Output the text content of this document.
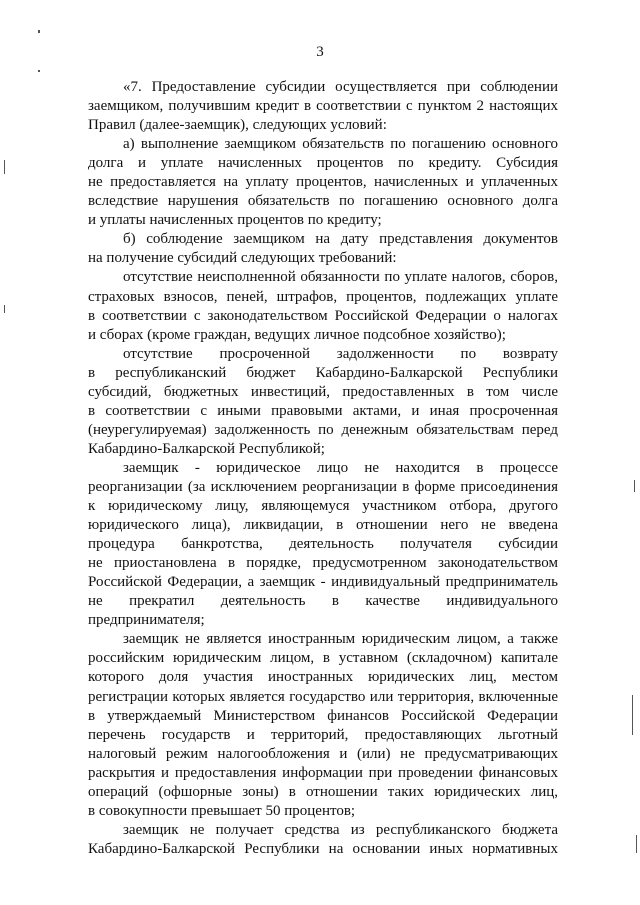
3
«7. Предоставление субсидии осуществляется при соблюдении
заемщиком, получившим кредит в соответствии с пунктом 2 настоящих
Правил (далее-заемщик), следующих условий:
а) выполнение заемщиком обязательств по погашению основного
долга и уплате начисленных процентов по кредиту. Субсидия
не предоставляется на уплату процентов, начисленных и уплаченных
вследствие нарушения обязательств по погашению основного долга
и уплаты начисленных процентов по кредиту;
б) соблюдение заемщиком на дату представления документов
на получение субсидий следующих требований:
отсутствие неисполненной обязанности по уплате налогов, сборов,
страховых взносов, пеней, штрафов, процентов, подлежащих уплате
в соответствии с законодательством Российской Федерации о налогах
и сборах (кроме граждан, ведущих личное подсобное хозяйство);
отсутствие просроченной задолженности по возврату
в республиканский бюджет Кабардино-Балкарской Республики
субсидий, бюджетных инвестиций, предоставленных в том числе
в соответствии с иными правовыми актами, и иная просроченная
(неурегулируемая) задолженность по денежным обязательствам перед
Кабардино-Балкарской Республикой;
заемщик - юридическое лицо не находится в процессе
реорганизации (за исключением реорганизации в форме присоединения
к юридическому лицу, являющемуся участником отбора, другого
юридического лица), ликвидации, в отношении него не введена
процедура банкротства, деятельность получателя субсидии
не приостановлена в порядке, предусмотренном законодательством
Российской Федерации, а заемщик - индивидуальный предприниматель
не прекратил деятельность в качестве индивидуального
предпринимателя;
заемщик не является иностранным юридическим лицом, а также
российским юридическим лицом, в уставном (складочном) капитале
которого доля участия иностранных юридических лиц, местом
регистрации которых является государство или территория, включенные
в утверждаемый Министерством финансов Российской Федерации
перечень государств и территорий, предоставляющих льготный
налоговый режим налогообложения и (или) не предусматривающих
раскрытия и предоставления информации при проведении финансовых
операций (офшорные зоны) в отношении таких юридических лиц,
в совокупности превышает 50 процентов;
заемщик не получает средства из республиканского бюджета
Кабардино-Балкарской Республики на основании иных нормативных
